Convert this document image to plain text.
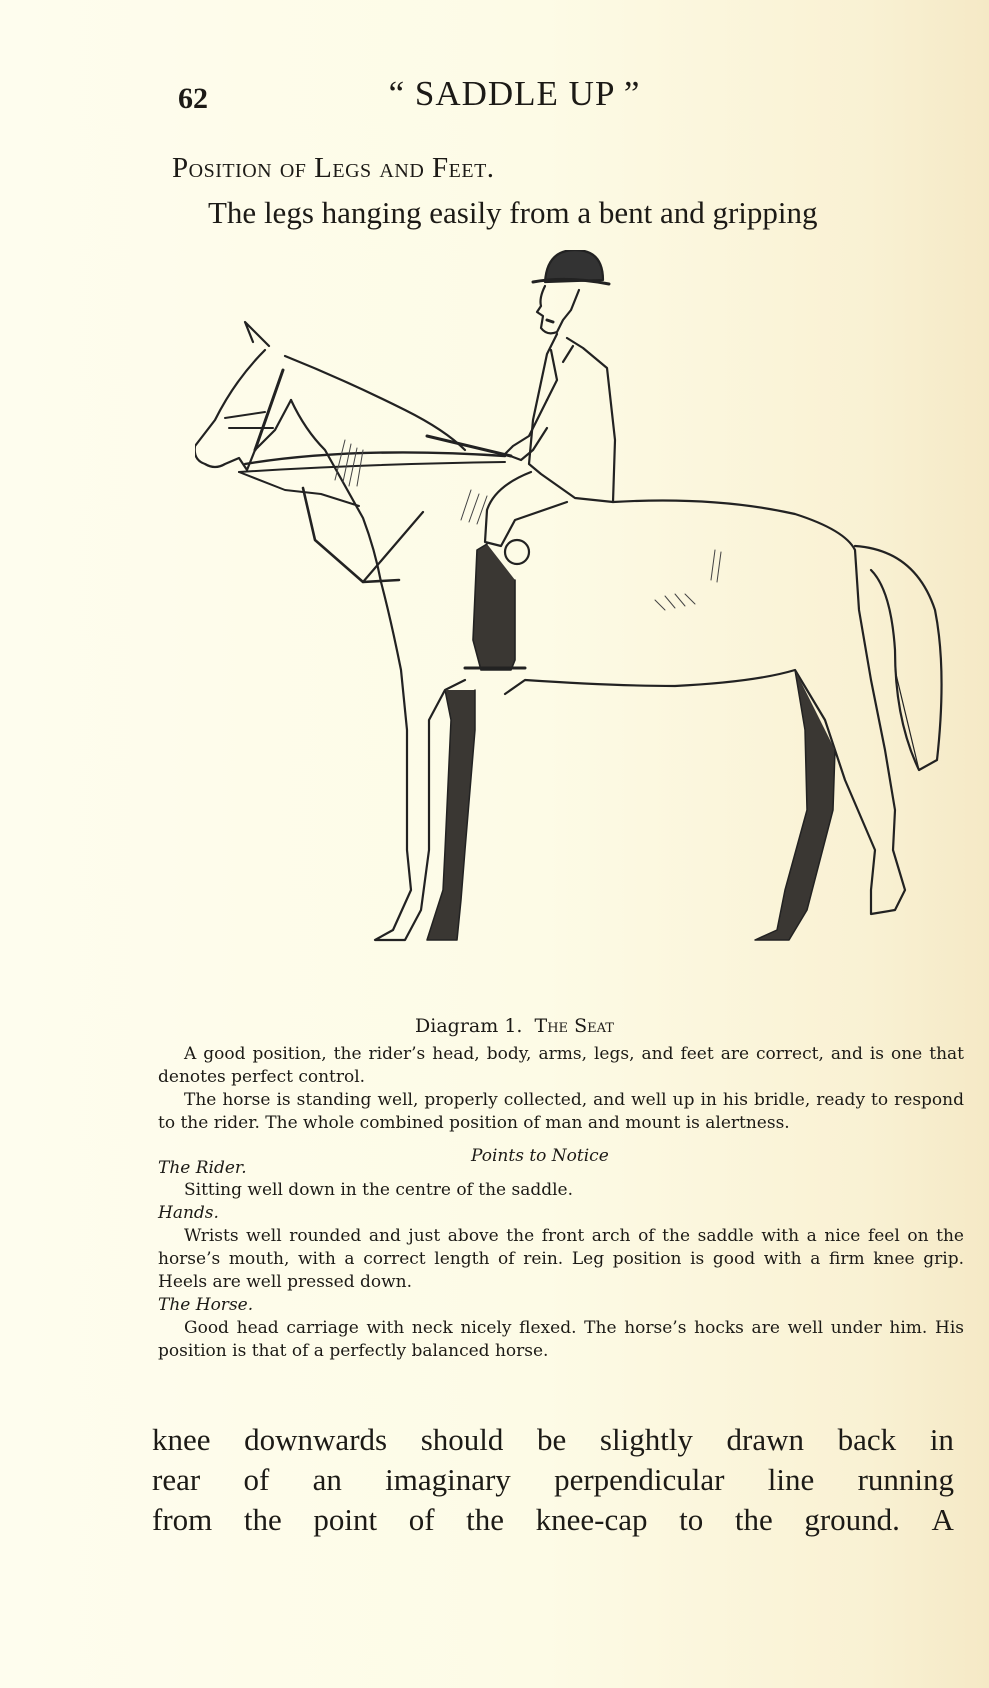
62	“ SADDLE UP ”
Position of Legs and Feet.
The legs hanging easily from a bent and gripping
Diagram 1. The Seat

A good position, the rider’s head, body, arms, legs, and feet are correct, and is one that denotes perfect control.

The horse is standing well, properly collected, and well up in his bridle, ready to respond to the rider. The whole combined position of man and mount is alertness.

The Rider.
Points to Notice

Sitting well down in the centre of the saddle.

Hands.

Wrists well rounded and just above the front arch of the saddle with a nice feel on the horse’s mouth, with a correct length of rein. Leg position is good with a firm knee grip. Heels are well pressed down.

The Horse.

Good head carriage with neck nicely flexed. The horse’s hocks are well under him. His position is that of a perfectly balanced horse.

knee downwards should be slightly drawn back in
rear of an imaginary perpendicular line running
from the point of the knee-cap to the ground. A
